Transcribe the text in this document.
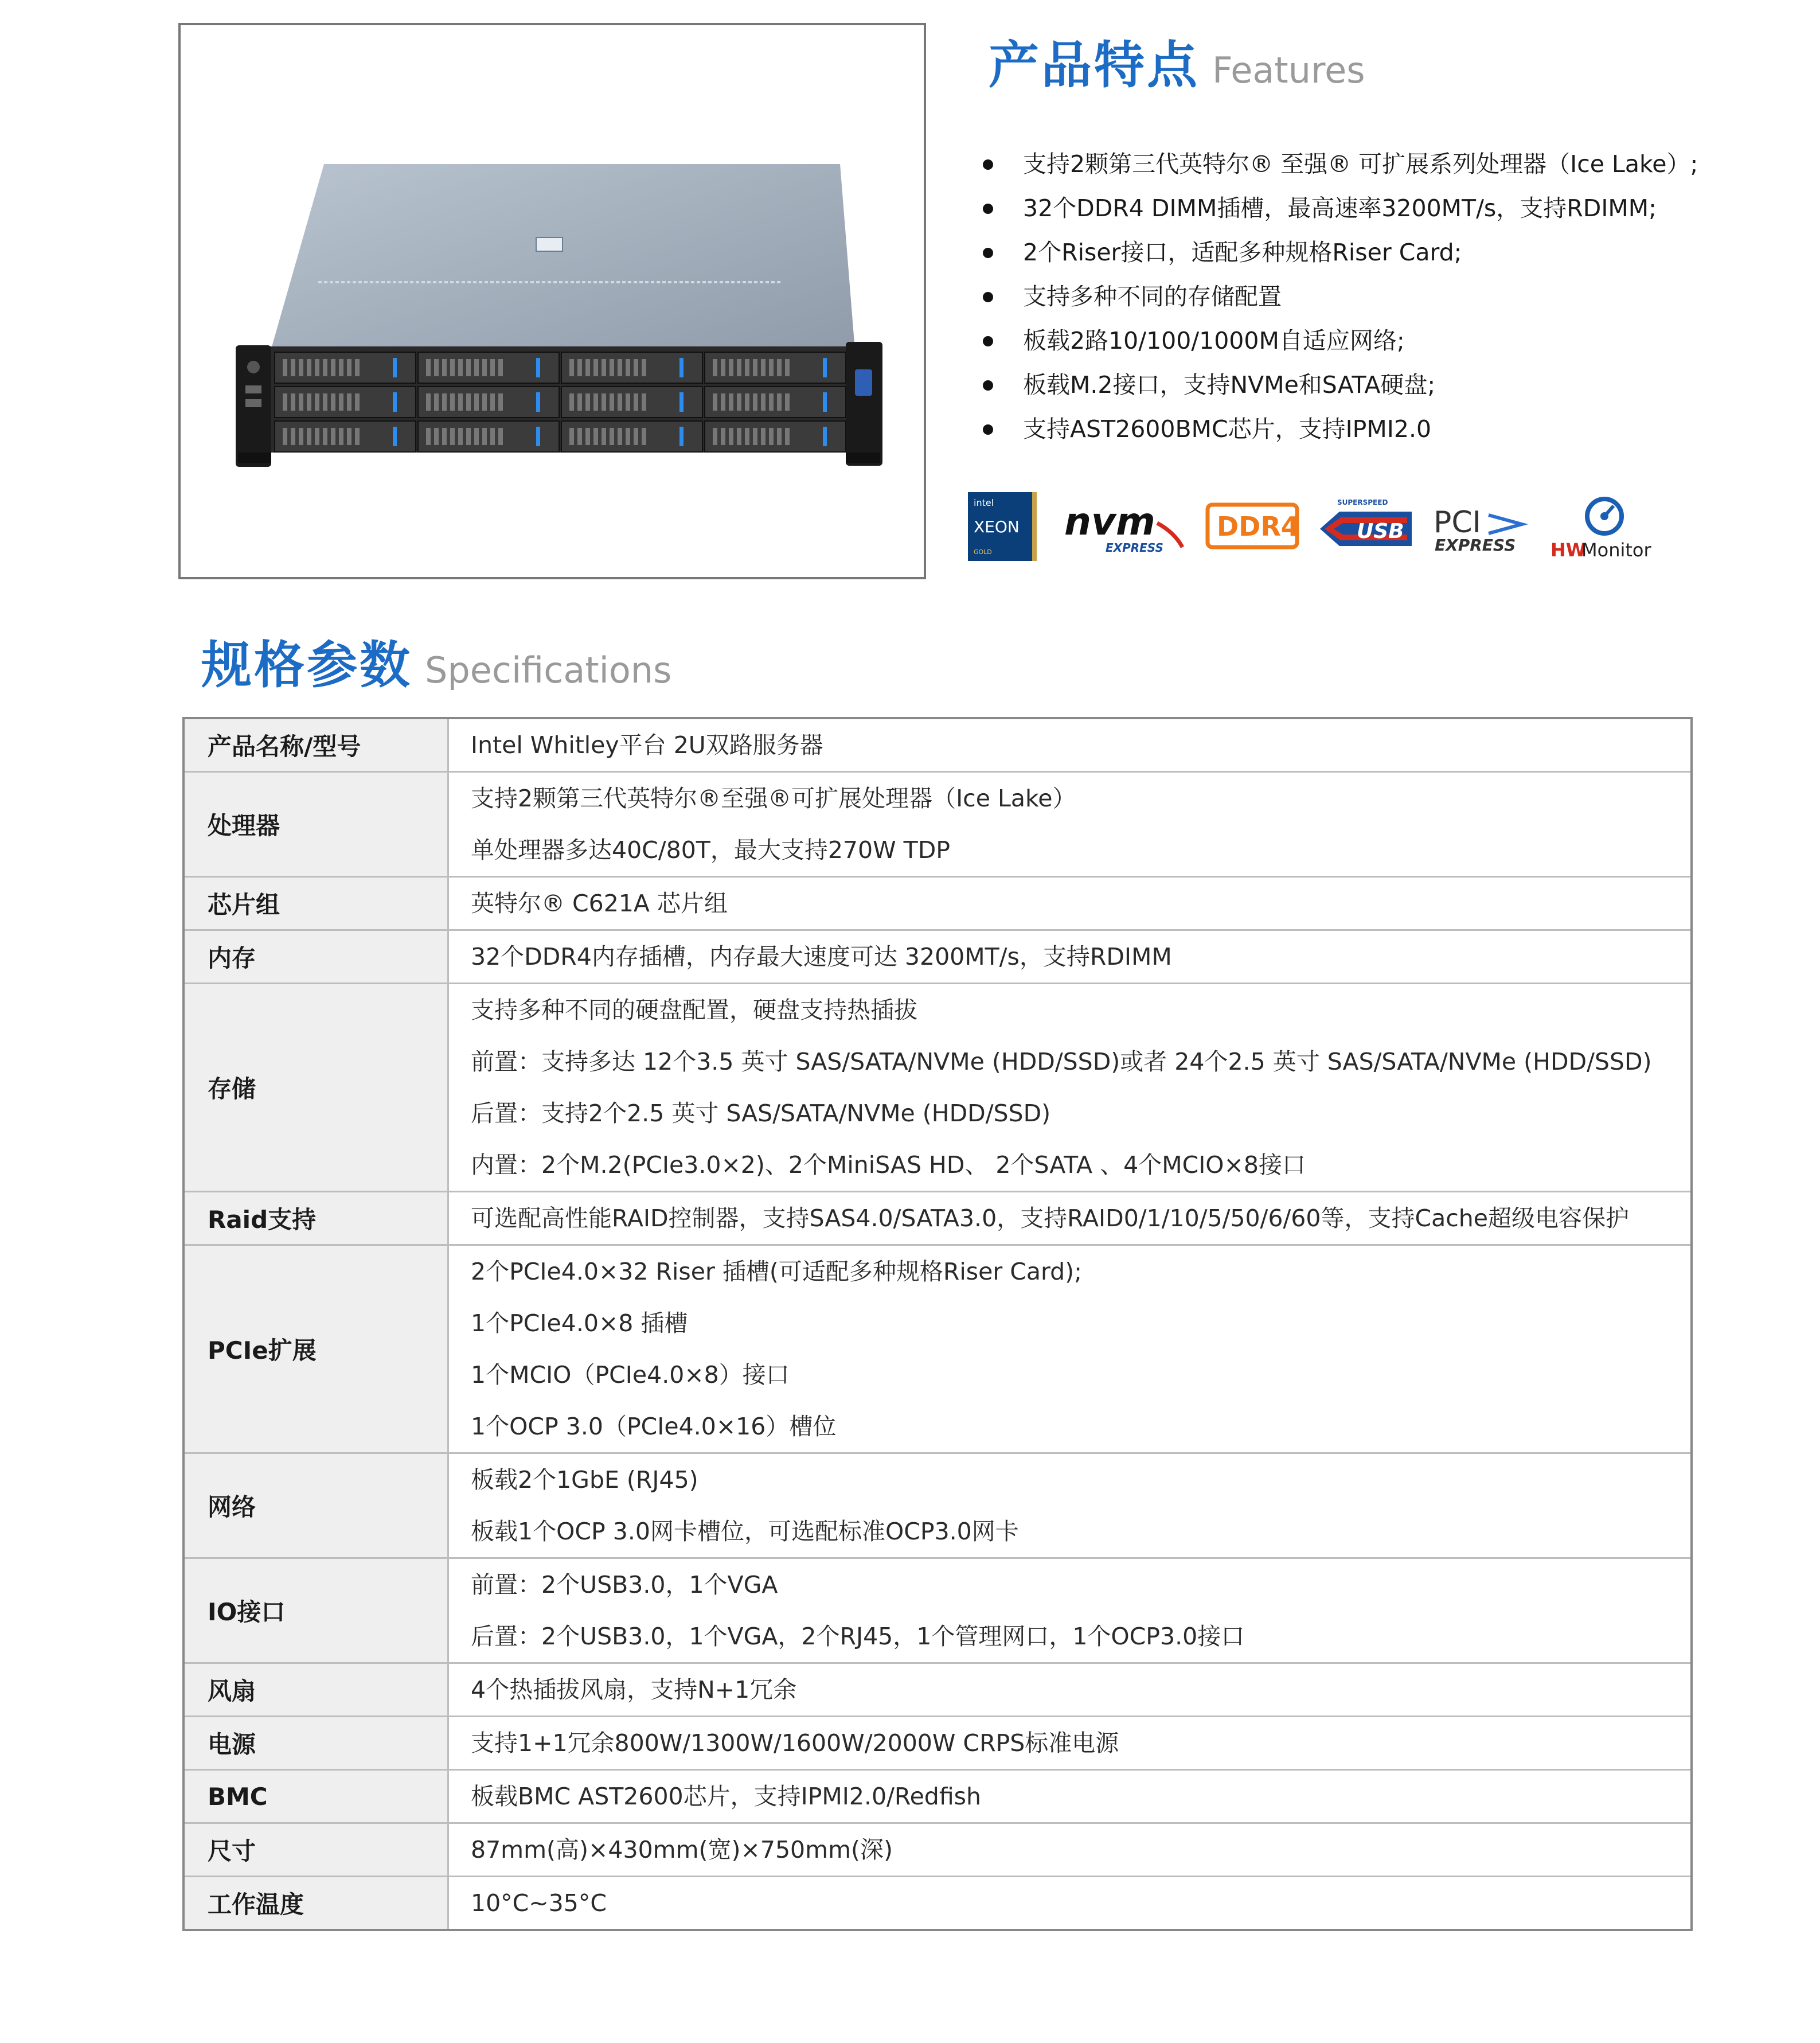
产品特点 Features
支持2颗第三代英特尔® 至强® 可扩展系列处理器（Ice Lake）;
32个DDR4 DIMM插槽，最高速率3200MT/s，支持RDIMM;
2个Riser接口，适配多种规格Riser Card;
支持多种不同的存储配置
板载2路10/100/1000M自适应网络;
板载M.2接口，支持NVMe和SATA硬盘;
支持AST2600BMC芯片，支持IPMI2.0
intel
XEON
GOLD
nvm
EXPRESS
DDR4
SUPERSPEED
USB PCI
EXPRESS HW
Monitor
规格参数 Specifications
产品名称/型号	Intel Whitley平台 2U双路服务器

处理器	支持2颗第三代英特尔®至强®可扩展处理器（Ice Lake）
单处理器多达40C/80T，最大支持270W TDP

芯片组	英特尔® C621A 芯片组

内存	32个DDR4内存插槽，内存最大速度可达 3200MT/s，支持RDIMM

存储	支持多种不同的硬盘配置，硬盘支持热插拔
前置：支持多达 12个3.5 英寸 SAS/SATA/NVMe (HDD/SSD)或者 24个2.5 英寸 SAS/SATA/NVMe (HDD/SSD)
后置：支持2个2.5 英寸 SAS/SATA/NVMe (HDD/SSD)
内置：2个M.2(PCIe3.0×2)、2个MiniSAS HD、 2个SATA 、4个MCIO×8接口

Raid支持	可选配高性能RAID控制器，支持SAS4.0/SATA3.0，支持RAID0/1/10/5/50/6/60等，支持Cache超级电容保护

PCIe扩展	2个PCIe4.0×32 Riser 插槽(可适配多种规格Riser Card);
1个PCIe4.0×8 插槽
1个MCIO（PCIe4.0×8）接口
1个OCP 3.0（PCIe4.0×16）槽位

网络	板载2个1GbE (RJ45)
板载1个OCP 3.0网卡槽位，可选配标准OCP3.0网卡

IO接口	前置：2个USB3.0，1个VGA
后置：2个USB3.0，1个VGA，2个RJ45，1个管理网口，1个OCP3.0接口

风扇	4个热插拔风扇，支持N+1冗余

电源	支持1+1冗余800W/1300W/1600W/2000W CRPS标准电源

BMC	板载BMC AST2600芯片，支持IPMI2.0/Redfish

尺寸	87mm(高)×430mm(宽)×750mm(深)

工作温度	10°C~35°C
